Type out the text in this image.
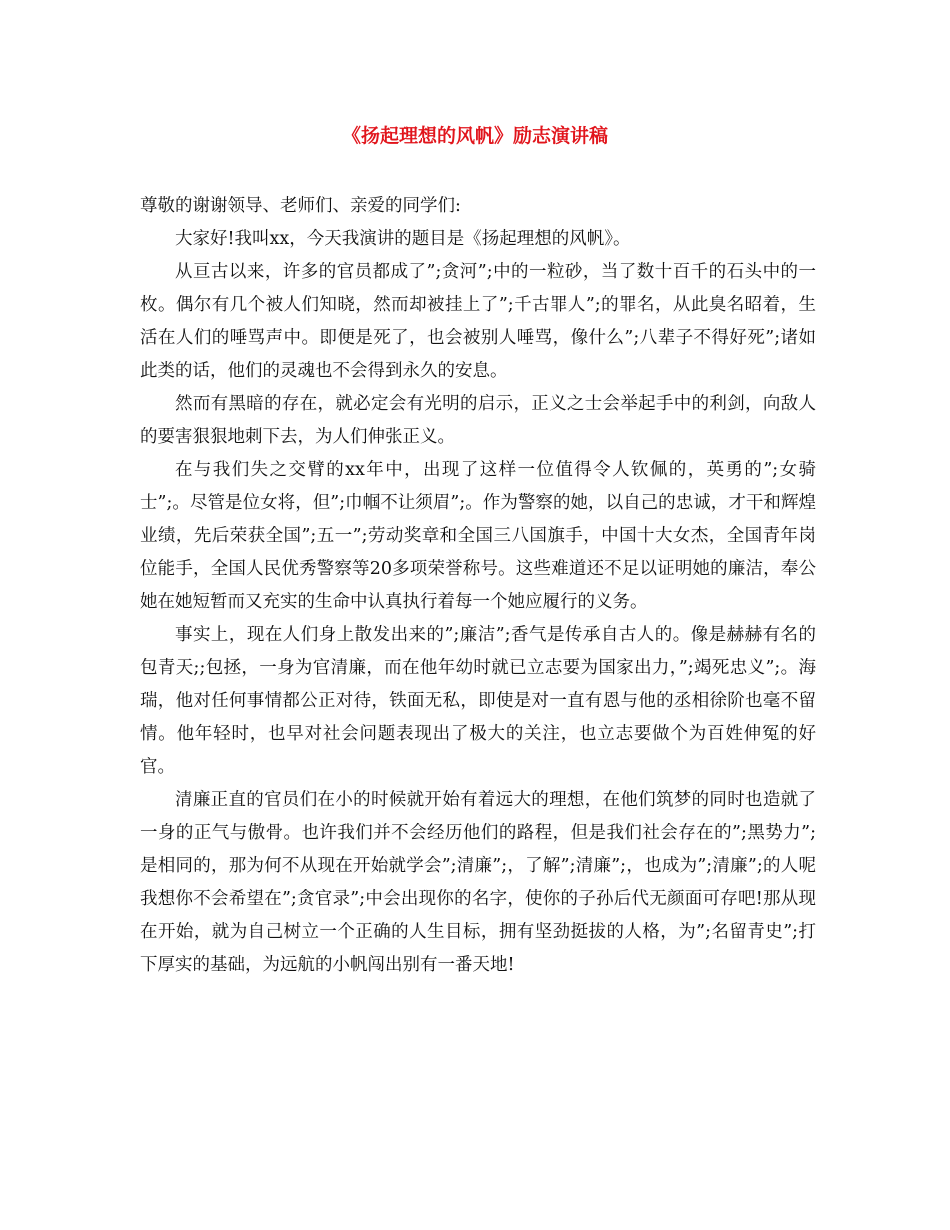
《扬起理想的风帆》励志演讲稿

尊敬的谢谢领导、老师们、亲爱的同学们:

大家好!我叫xx，今天我演讲的题目是《扬起理想的风帆》。

从亘古以来，许多的官员都成了”;贪河”;中的一粒砂，当了数十百千的石头中的一枚。偶尔有几个被人们知晓，然而却被挂上了”;千古罪人”;的罪名，从此臭名昭着，生活在人们的唾骂声中。即便是死了，也会被别人唾骂，像什么”;八辈子不得好死”;诸如此类的话，他们的灵魂也不会得到永久的安息。

然而有黑暗的存在，就必定会有光明的启示，正义之士会举起手中的利剑，向敌人的要害狠狠地刺下去，为人们伸张正义。

在与我们失之交臂的xx年中，出现了这样一位值得令人钦佩的，英勇的”;女骑士”;。尽管是位女将，但”;巾帼不让须眉”;。作为警察的她，以自己的忠诚，才干和辉煌业绩，先后荣获全国”;五一”;劳动奖章和全国三八国旗手，中国十大女杰，全国青年岗位能手，全国人民优秀警察等20多项荣誉称号。这些难道还不足以证明她的廉洁，奉公她在她短暂而又充实的生命中认真执行着每一个她应履行的义务。

事实上，现在人们身上散发出来的”;廉洁”;香气是传承自古人的。像是赫赫有名的包青天;;包拯，一身为官清廉，而在他年幼时就已立志要为国家出力，”;竭死忠义”;。海瑞，他对任何事情都公正对待，铁面无私，即使是对一直有恩与他的丞相徐阶也毫不留情。他年轻时，也早对社会问题表现出了极大的关注，也立志要做个为百姓伸冤的好官。

清廉正直的官员们在小的时候就开始有着远大的理想，在他们筑梦的同时也造就了一身的正气与傲骨。也许我们并不会经历他们的路程，但是我们社会存在的”;黑势力”;是相同的，那为何不从现在开始就学会”;清廉”;，了解”;清廉”;，也成为”;清廉”;的人呢我想你不会希望在”;贪官录”;中会出现你的名字，使你的子孙后代无颜面可存吧!那从现在开始，就为自己树立一个正确的人生目标，拥有坚劲挺拔的人格，为”;名留青史”;打下厚实的基础，为远航的小帆闯出别有一番天地!
